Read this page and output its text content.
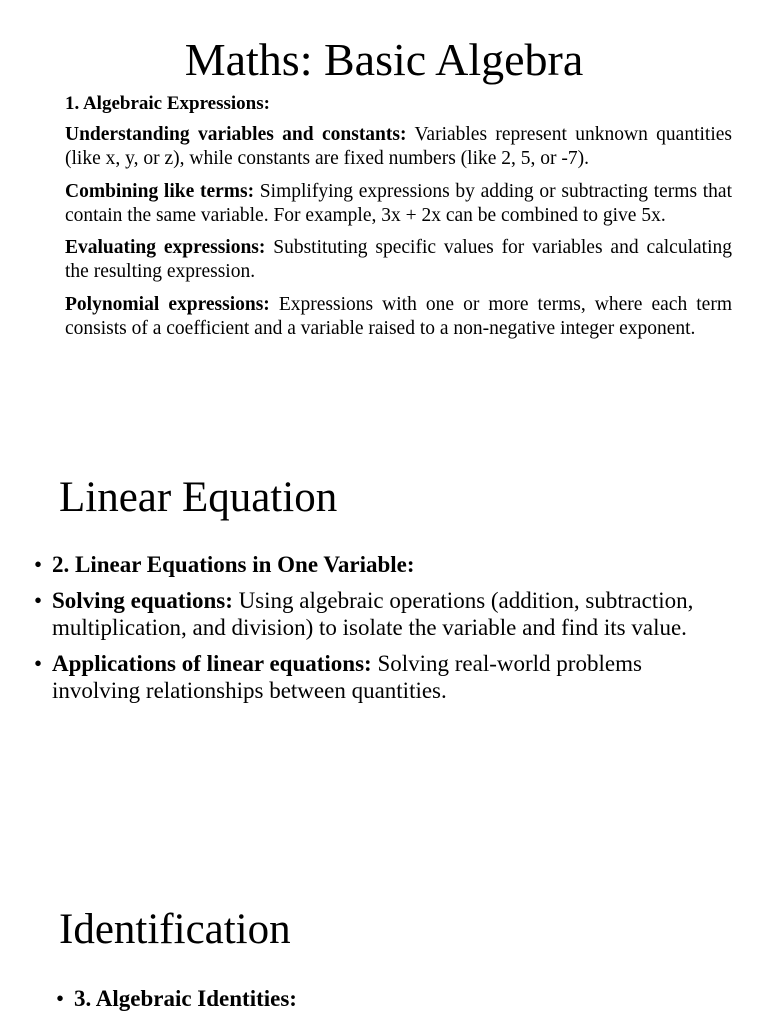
Maths: Basic Algebra
1. Algebraic Expressions:
Understanding variables and constants: Variables represent unknown quantities (like x, y, or z), while constants are fixed numbers (like 2, 5, or -7).
Combining like terms: Simplifying expressions by adding or subtracting terms that contain the same variable. For example, 3x + 2x can be combined to give 5x.
Evaluating expressions: Substituting specific values for variables and calculating the resulting expression.
Polynomial expressions: Expressions with one or more terms, where each term consists of a coefficient and a variable raised to a non-negative integer exponent.
Linear Equation
• 2. Linear Equations in One Variable:
• Solving equations: Using algebraic operations (addition, subtraction, multiplication, and division) to isolate the variable and find its value.
• Applications of linear equations: Solving real-world problems involving relationships between quantities.
Identification
• 3. Algebraic Identities:
